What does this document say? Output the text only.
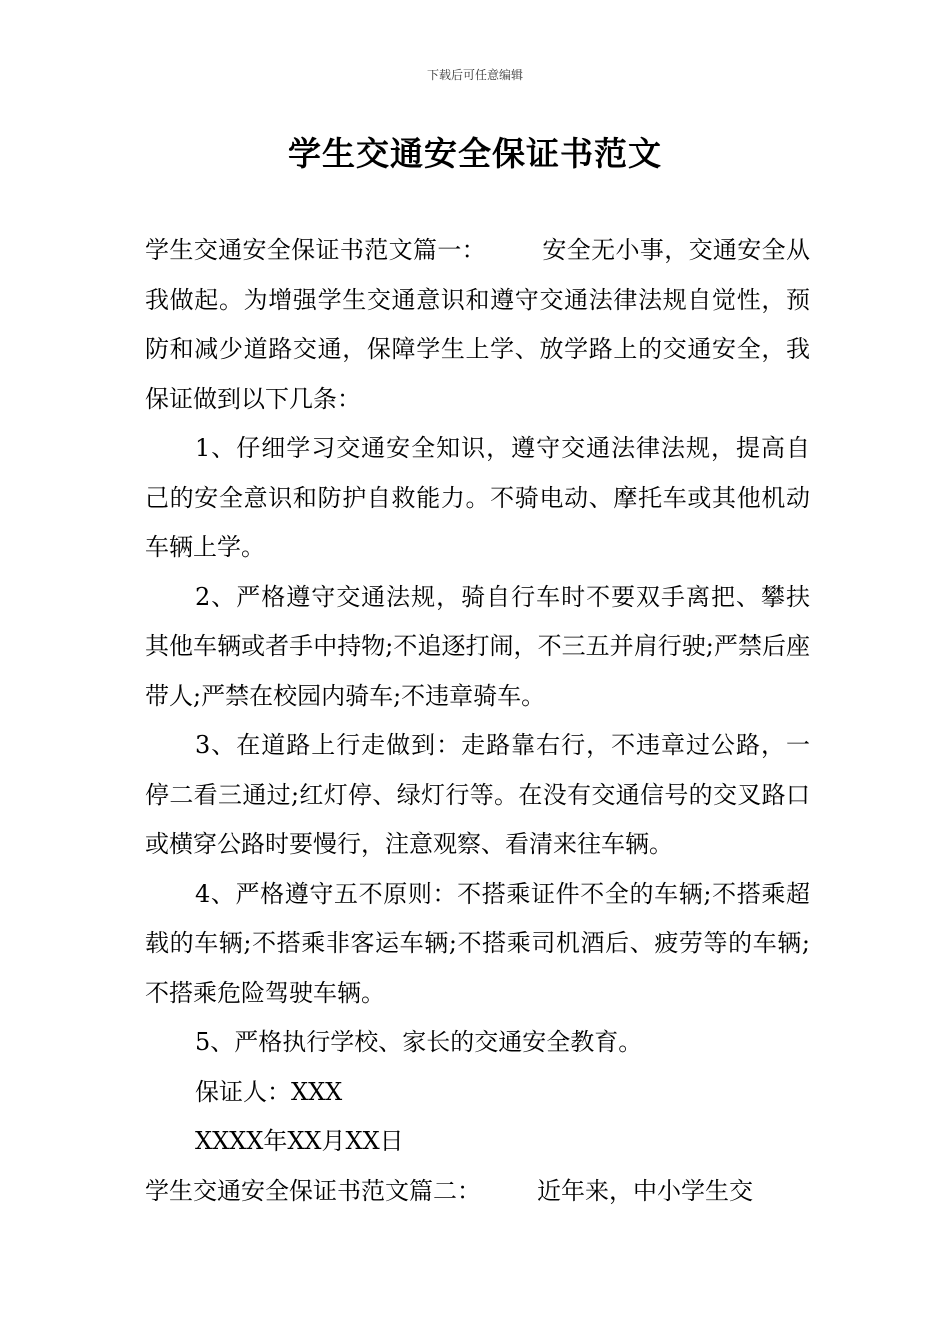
下载后可任意编辑
学生交通安全保证书范文

学生交通安全保证书范文篇一： 安全无小事，交通安全从我做起。为增强学生交通意识和遵守交通法律法规自觉性，预防和减少道路交通，保障学生上学、放学路上的交通安全，我保证做到以下几条：

1、仔细学习交通安全知识，遵守交通法律法规，提高自己的安全意识和防护自救能力。不骑电动、摩托车或其他机动车辆上学。

2、严格遵守交通法规，骑自行车时不要双手离把、攀扶其他车辆或者手中持物;不追逐打闹，不三五并肩行驶;严禁后座带人;严禁在校园内骑车;不违章骑车。

3、在道路上行走做到：走路靠右行，不违章过公路，一停二看三通过;红灯停、绿灯行等。在没有交通信号的交叉路口或横穿公路时要慢行，注意观察、看清来往车辆。

4、严格遵守五不原则：不搭乘证件不全的车辆;不搭乘超载的车辆;不搭乘非客运车辆;不搭乘司机酒后、疲劳等的车辆;不搭乘危险驾驶车辆。

5、严格执行学校、家长的交通安全教育。

保证人：XXX

XXXX年XX月XX日

学生交通安全保证书范文篇二： 近年来，中小学生交
